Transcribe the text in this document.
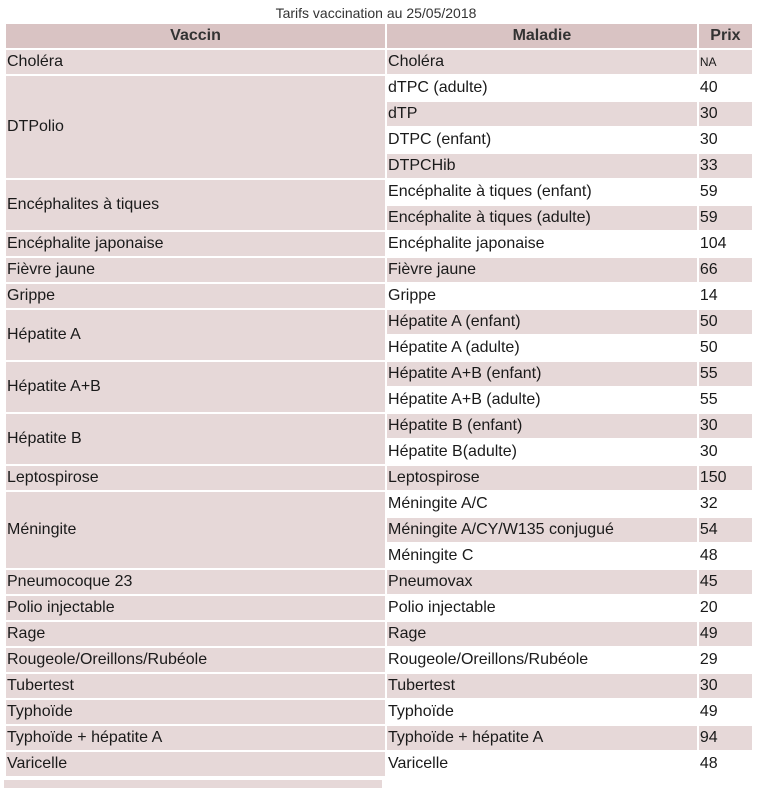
Tarifs vaccination au 25/05/2018
Vaccin	Maladie	Prix
Choléra	Choléra	NA
DTPolio	dTPC (adulte)	40
	dTP	30
	DTPC (enfant)	30
	DTPCHib	33
Encéphalites à tiques	Encéphalite à tiques (enfant)	59
	Encéphalite à tiques (adulte)	59
Encéphalite japonaise	Encéphalite japonaise	104
Fièvre jaune	Fièvre jaune	66
Grippe	Grippe	14
Hépatite A	Hépatite A (enfant)	50
	Hépatite A (adulte)	50
Hépatite A+B	Hépatite A+B (enfant)	55
	Hépatite A+B (adulte)	55
Hépatite B	Hépatite B (enfant)	30
	Hépatite B(adulte)	30
Leptospirose	Leptospirose	150
Méningite	Méningite A/C	32
	Méningite A/CY/W135 conjugué	54
	Méningite C	48
Pneumocoque 23	Pneumovax	45
Polio injectable	Polio injectable	20
Rage	Rage	49
Rougeole/Oreillons/Rubéole	Rougeole/Oreillons/Rubéole	29
Tubertest	Tubertest	30
Typhoïde	Typhoïde	49
Typhoïde + hépatite A	Typhoïde + hépatite A	94
Varicelle	Varicelle	48
